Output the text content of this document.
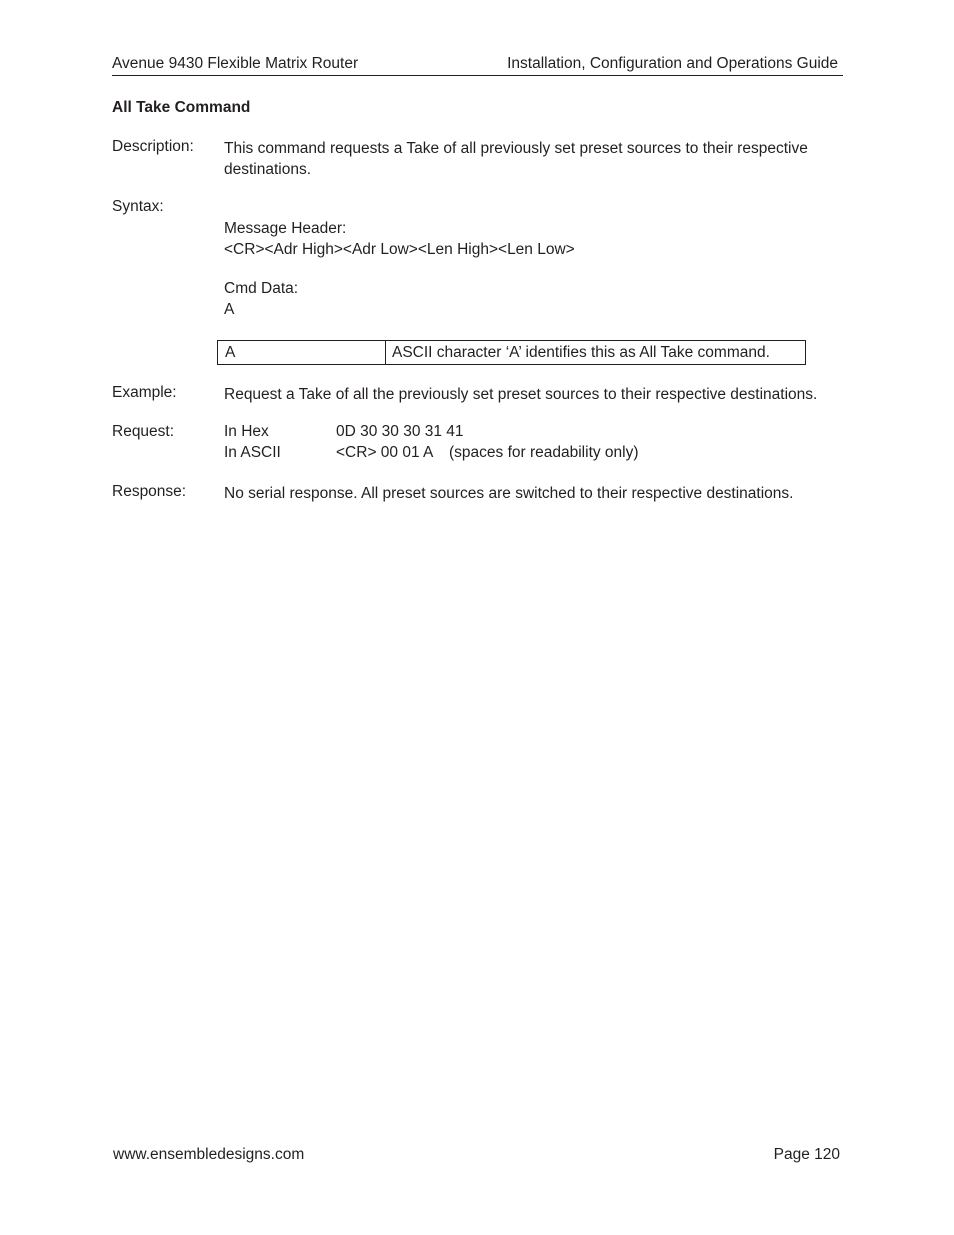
Avenue 9430 Flexible Matrix Router	Installation, Configuration and Operations Guide
All Take Command
Description: This command requests a Take of all previously set preset sources to their respective
destinations.
Syntax:
Message Header:
<CR><Adr High><Adr Low><Len High><Len Low>
Cmd Data:
A
A	ASCII character ‘A’ identifies this as All Take command.
Example:	Request a Take of all the previously set preset sources to their respective destinations.
Request:	In Hex	0D 30 30 30 31 41
In ASCII	<CR> 00 01 A (spaces for readability only)
Response: No serial response. All preset sources are switched to their respective destinations.
www.ensembledesigns.com	Page 120
